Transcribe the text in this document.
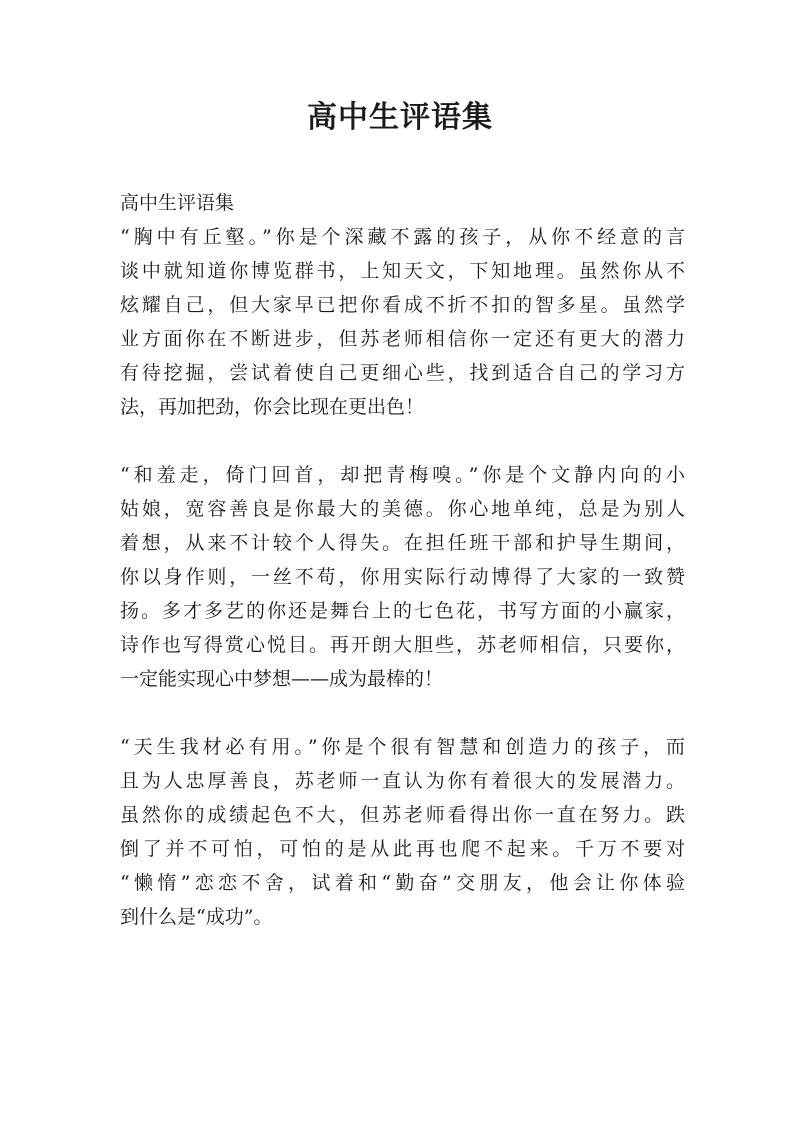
高中生评语集

高中生评语集

“胸中有丘壑。”你是个深藏不露的孩子，从你不经意的言
谈中就知道你博览群书，上知天文，下知地理。虽然你从不
炫耀自己，但大家早已把你看成不折不扣的智多星。虽然学
业方面你在不断进步，但苏老师相信你一定还有更大的潜力
有待挖掘，尝试着使自己更细心些，找到适合自己的学习方
法，再加把劲，你会比现在更出色！
“和羞走，倚门回首，却把青梅嗅。”你是个文静内向的小
姑娘，宽容善良是你最大的美德。你心地单纯，总是为别人
着想，从来不计较个人得失。在担任班干部和护导生期间，
你以身作则，一丝不苟，你用实际行动博得了大家的一致赞
扬。多才多艺的你还是舞台上的七色花，书写方面的小赢家，
诗作也写得赏心悦目。再开朗大胆些，苏老师相信，只要你，
一定能实现心中梦想——成为最棒的！
“天生我材必有用。”你是个很有智慧和创造力的孩子，而
且为人忠厚善良，苏老师一直认为你有着很大的发展潜力。
虽然你的成绩起色不大，但苏老师看得出你一直在努力。跌
倒了并不可怕，可怕的是从此再也爬不起来。千万不要对
“懒惰”恋恋不舍，试着和“勤奋”交朋友，他会让你体验
到什么是“成功”。
